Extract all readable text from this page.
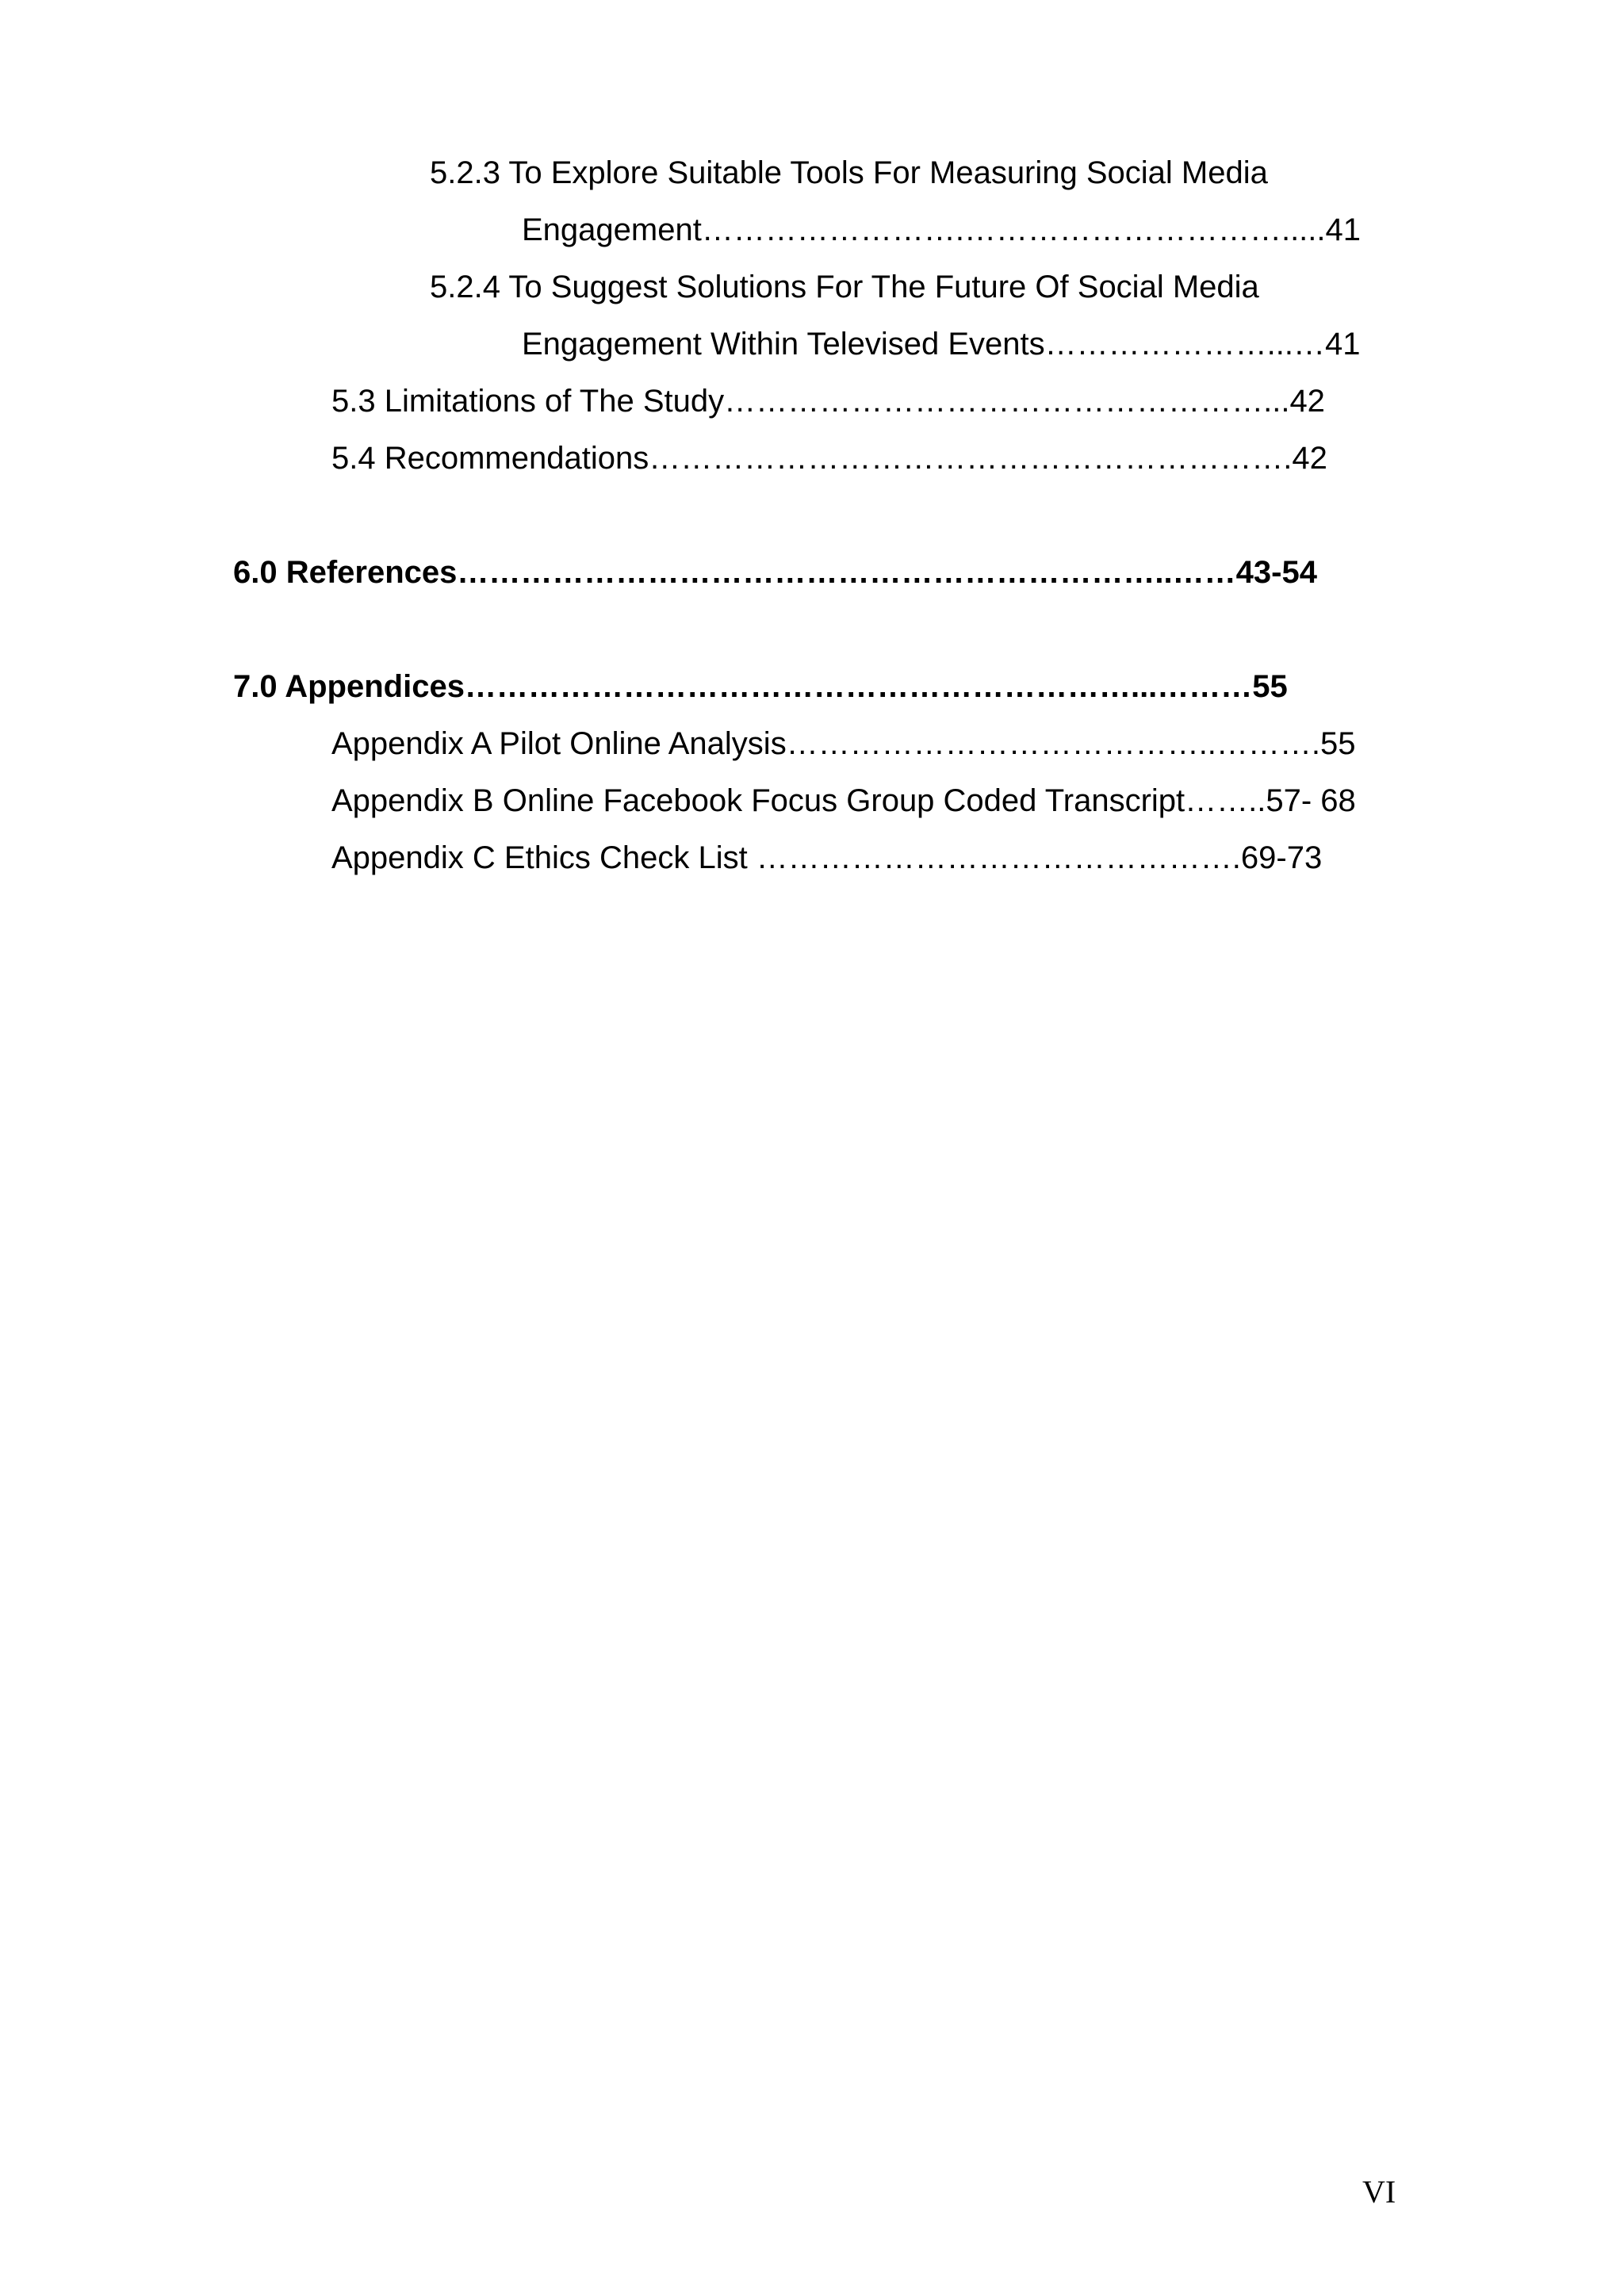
5.2.3 To Explore Suitable Tools For Measuring Social Media
Engagement…………………….………………………….....41
5.2.4 To Suggest Solutions For The Future Of Social Media
Engagement Within Televised Events…………………...…41
5.3 Limitations of The Study……………………………………………...42
5.4 Recommendations…………………………………………………….42
6.0 References…………………………………………………………..……43-54
7.0 Appendices………………………………………………………...………55
Appendix A Pilot Online Analysis…………………………………..……….55
Appendix B Online Facebook Focus Group Coded Transcript……..57- 68
Appendix C Ethics Check List ……………………………………….69-73
VI
